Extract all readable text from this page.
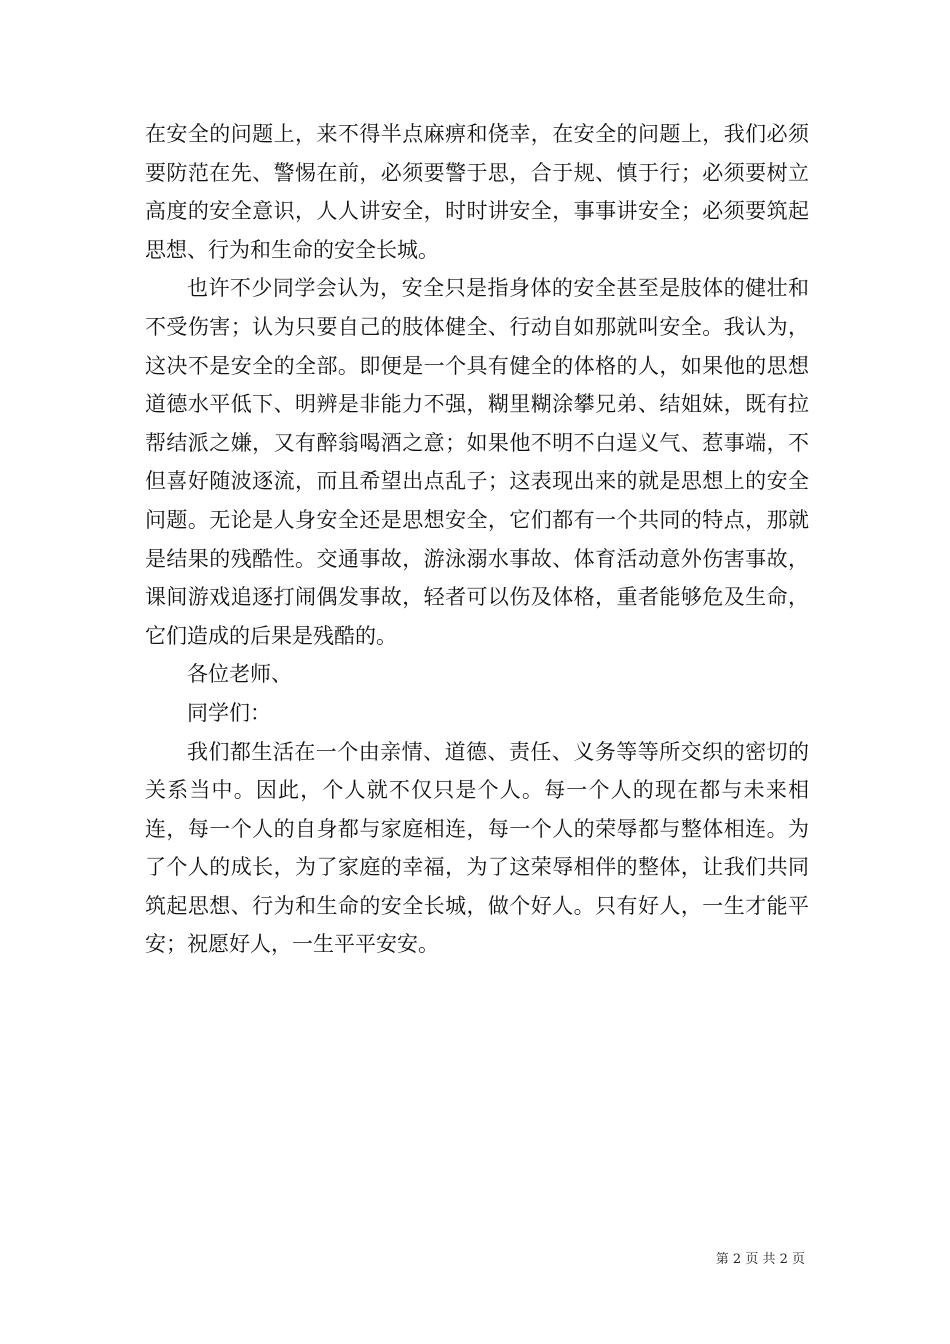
在安全的问题上，来不得半点麻痹和侥幸，在安全的问题上，我们必须要防范在先、警惕在前，必须要警于思，合于规、慎于行；必须要树立高度的安全意识，人人讲安全，时时讲安全，事事讲安全；必须要筑起思想、行为和生命的安全长城。

也许不少同学会认为，安全只是指身体的安全甚至是肢体的健壮和不受伤害；认为只要自己的肢体健全、行动自如那就叫安全。我认为，这决不是安全的全部。即便是一个具有健全的体格的人，如果他的思想道德水平低下、明辨是非能力不强，糊里糊涂攀兄弟、结姐妹，既有拉帮结派之嫌，又有醉翁喝酒之意；如果他不明不白逞义气、惹事端，不但喜好随波逐流，而且希望出点乱子；这表现出来的就是思想上的安全问题。无论是人身安全还是思想安全，它们都有一个共同的特点，那就是结果的残酷性。交通事故，游泳溺水事故、体育活动意外伤害事故，课间游戏追逐打闹偶发事故，轻者可以伤及体格，重者能够危及生命，它们造成的后果是残酷的。

各位老师、

同学们：

我们都生活在一个由亲情、道德、责任、义务等等所交织的密切的关系当中。因此，个人就不仅只是个人。每一个人的现在都与未来相连，每一个人的自身都与家庭相连，每一个人的荣辱都与整体相连。为了个人的成长，为了家庭的幸福，为了这荣辱相伴的整体，让我们共同筑起思想、行为和生命的安全长城，做个好人。只有好人，一生才能平安；祝愿好人，一生平平安安。

第 2 页 共 2 页
